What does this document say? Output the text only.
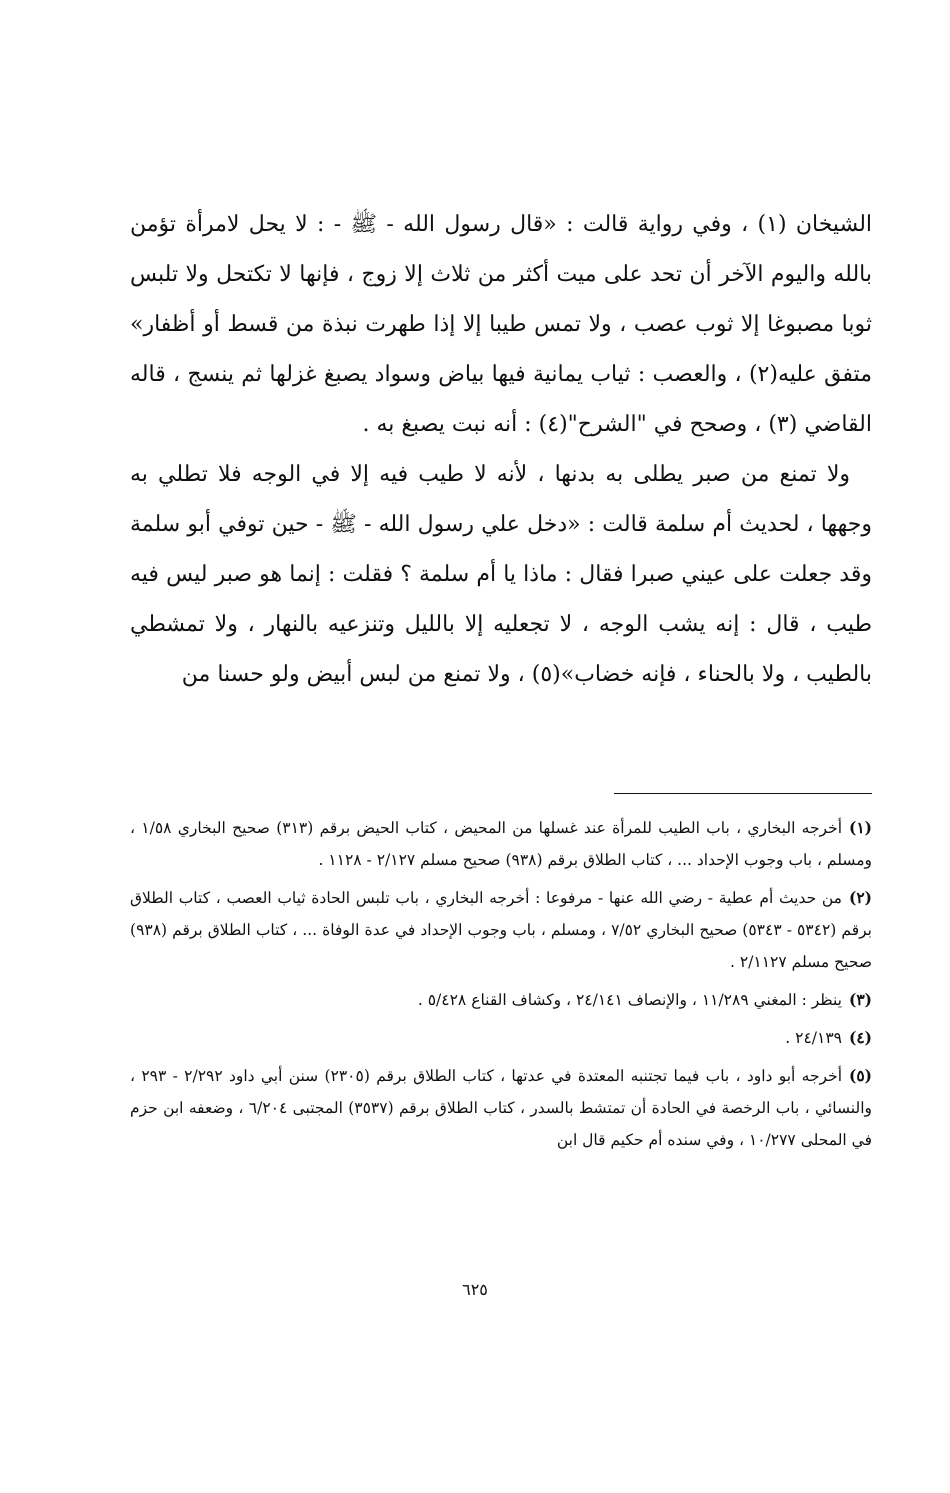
الشيخان (١) ، وفي رواية قالت : «قال رسول الله - ﷺ - : لا يحل لامرأة تؤمن بالله واليوم الآخر أن تحد على ميت أكثر من ثلاث إلا زوج ، فإنها لا تكتحل ولا تلبس ثوبا مصبوغا إلا ثوب عصب ، ولا تمس طيبا إلا إذا طهرت نبذة من قسط أو أظفار» متفق عليه(٢) ، والعصب : ثياب يمانية فيها بياض وسواد يصبغ غزلها ثم ينسج ، قاله القاضي (٣) ، وصحح في "الشرح"(٤) : أنه نبت يصبغ به .

ولا تمنع من صبر يطلى به بدنها ، لأنه لا طيب فيه إلا في الوجه فلا تطلي به وجهها ، لحديث أم سلمة قالت : «دخل علي رسول الله - ﷺ - حين توفي أبو سلمة وقد جعلت على عيني صبرا فقال : ماذا يا أم سلمة ؟ فقلت : إنما هو صبر ليس فيه طيب ، قال : إنه يشب الوجه ، لا تجعليه إلا بالليل وتنزعيه بالنهار ، ولا تمشطي بالطيب ، ولا بالحناء ، فإنه خضاب»(٥) ، ولا تمنع من لبس أبيض ولو حسنا من

(١)أخرجه البخاري ، باب الطيب للمرأة عند غسلها من المحيض ، كتاب الحيض برقم (٣١٣) صحيح البخاري ١/٥٨ ، ومسلم ، باب وجوب الإحداد ... ، كتاب الطلاق برقم (٩٣٨) صحيح مسلم ٢/١٢٧ - ١١٢٨ .

(٢)من حديث أم عطية - رضي الله عنها - مرفوعا : أخرجه البخاري ، باب تلبس الحادة ثياب العصب ، كتاب الطلاق برقم (٥٣٤٢ - ٥٣٤٣) صحيح البخاري ٧/٥٢ ، ومسلم ، باب وجوب الإحداد في عدة الوفاة ... ، كتاب الطلاق برقم (٩٣٨) صحيح مسلم ٢/١١٢٧ .

(٣)ينظر : المغني ١١/٢٨٩ ، والإنصاف ٢٤/١٤١ ، وكشاف القناع ٥/٤٢٨ .

(٤)٢٤/١٣٩ .

(٥)أخرجه أبو داود ، باب فيما تجتنبه المعتدة في عدتها ، كتاب الطلاق برقم (٢٣٠٥) سنن أبي داود ٢/٢٩٢ - ٢٩٣ ، والنسائي ، باب الرخصة في الحادة أن تمتشط بالسدر ، كتاب الطلاق برقم (٣٥٣٧) المجتبى ٦/٢٠٤ ، وضعفه ابن حزم في المحلى ١٠/٢٧٧ ، وفي سنده أم حكيم قال ابن

٦٢٥
